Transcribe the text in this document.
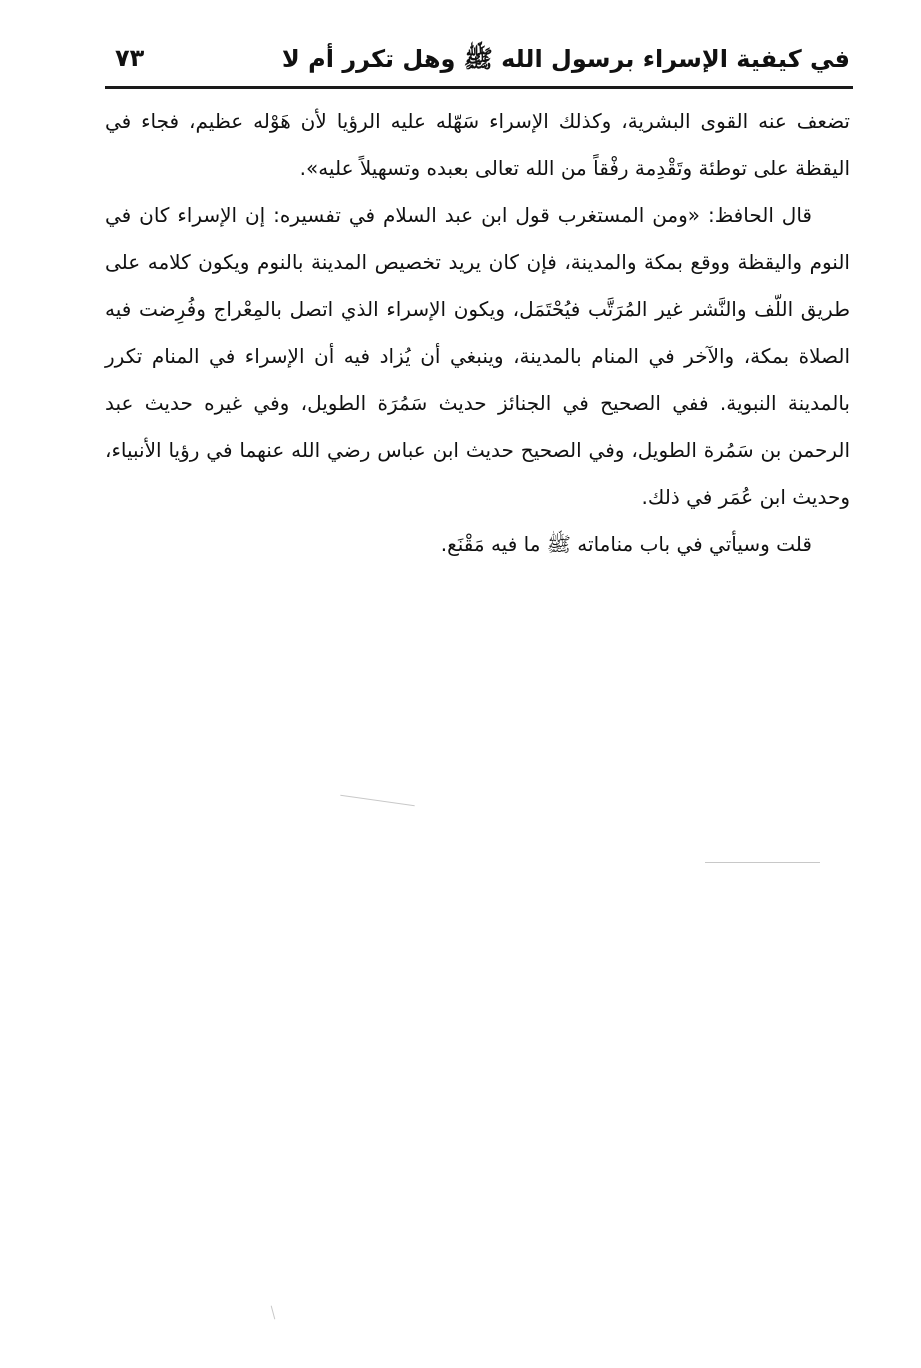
في كيفية الإسراء برسول الله ﷺ وهل تكرر أم لا
٧٣

تضعف عنه القوى البشرية، وكذلك الإسراء سَهّله عليه الرؤيا لأن هَوْله عظيم، فجاء في اليقظة على توطئة وتَقْدِمة رفْقاً من الله تعالى بعبده وتسهيلاً عليه».

قال الحافظ: «ومن المستغرب قول ابن عبد السلام في تفسيره: إن الإسراء كان في النوم واليقظة ووقع بمكة والمدينة، فإن كان يريد تخصيص المدينة بالنوم ويكون كلامه على طريق اللّف والنَّشر غير المُرَتَّب فيُحْتَمَل، ويكون الإسراء الذي اتصل بالمِعْراج وفُرِضت فيه الصلاة بمكة، والآخر في المنام بالمدينة، وينبغي أن يُزاد فيه أن الإسراء في المنام تكرر بالمدينة النبوية. ففي الصحيح في الجنائز حديث سَمُرَة الطويل، وفي غيره حديث عبد الرحمن بن سَمُرة الطويل، وفي الصحيح حديث ابن عباس رضي الله عنهما في رؤيا الأنبياء، وحديث ابن عُمَر في ذلك.

قلت وسيأتي في باب مناماته ﷺ ما فيه مَقْنَع.
